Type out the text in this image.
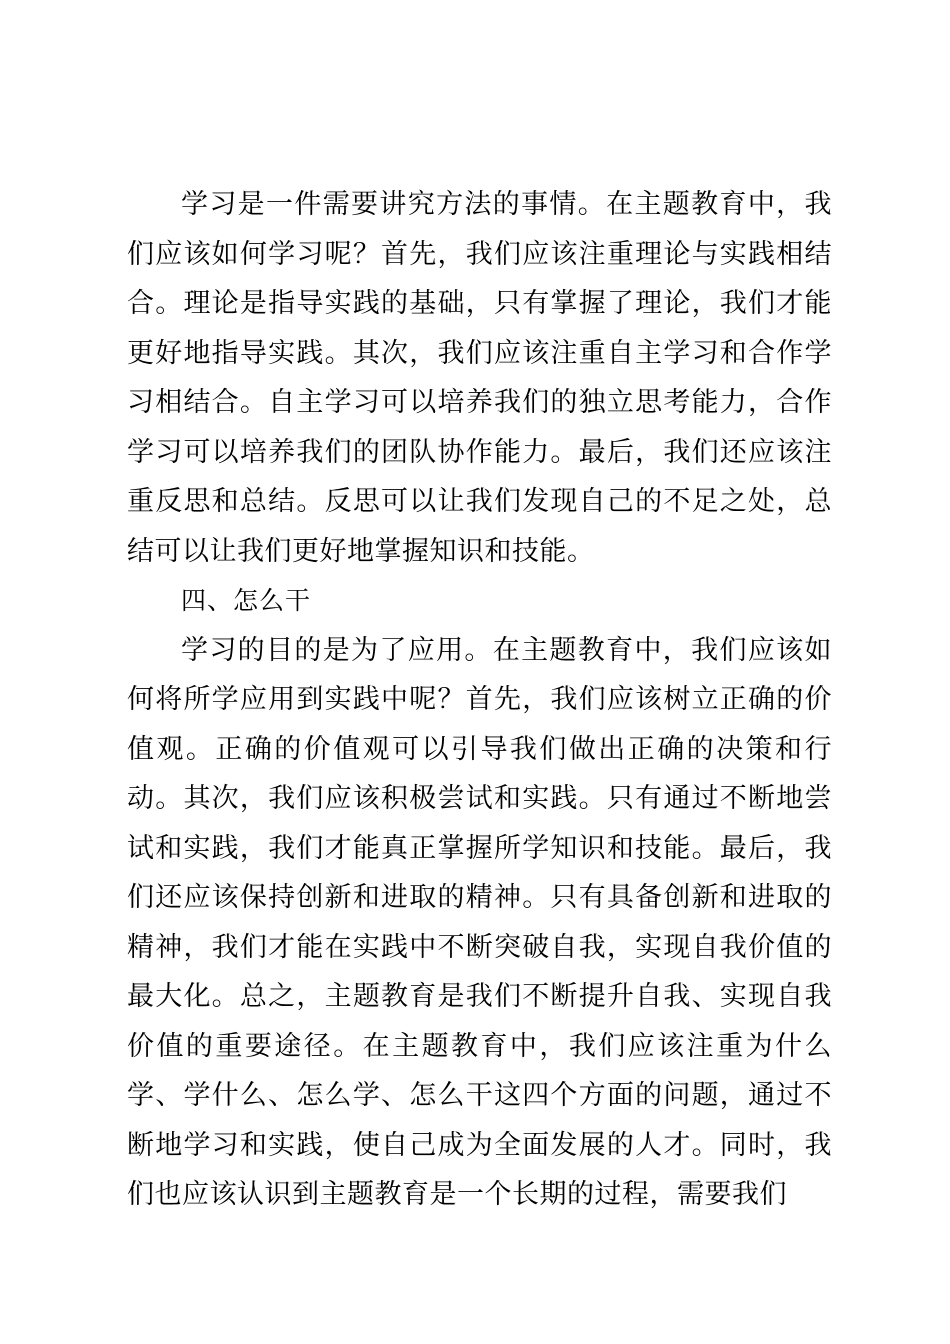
学习是一件需要讲究方法的事情。在主题教育中，我们应该如何学习呢？首先，我们应该注重理论与实践相结合。理论是指导实践的基础，只有掌握了理论，我们才能更好地指导实践。其次，我们应该注重自主学习和合作学习相结合。自主学习可以培养我们的独立思考能力，合作学习可以培养我们的团队协作能力。最后，我们还应该注重反思和总结。反思可以让我们发现自己的不足之处，总结可以让我们更好地掌握知识和技能。

四、怎么干

学习的目的是为了应用。在主题教育中，我们应该如何将所学应用到实践中呢？首先，我们应该树立正确的价值观。正确的价值观可以引导我们做出正确的决策和行动。其次，我们应该积极尝试和实践。只有通过不断地尝试和实践，我们才能真正掌握所学知识和技能。最后，我们还应该保持创新和进取的精神。只有具备创新和进取的精神，我们才能在实践中不断突破自我，实现自我价值的最大化。总之，主题教育是我们不断提升自我、实现自我价值的重要途径。在主题教育中，我们应该注重为什么学、学什么、怎么学、怎么干这四个方面的问题，通过不断地学习和实践，使自己成为全面发展的人才。同时，我们也应该认识到主题教育是一个长期的过程，需要我们
